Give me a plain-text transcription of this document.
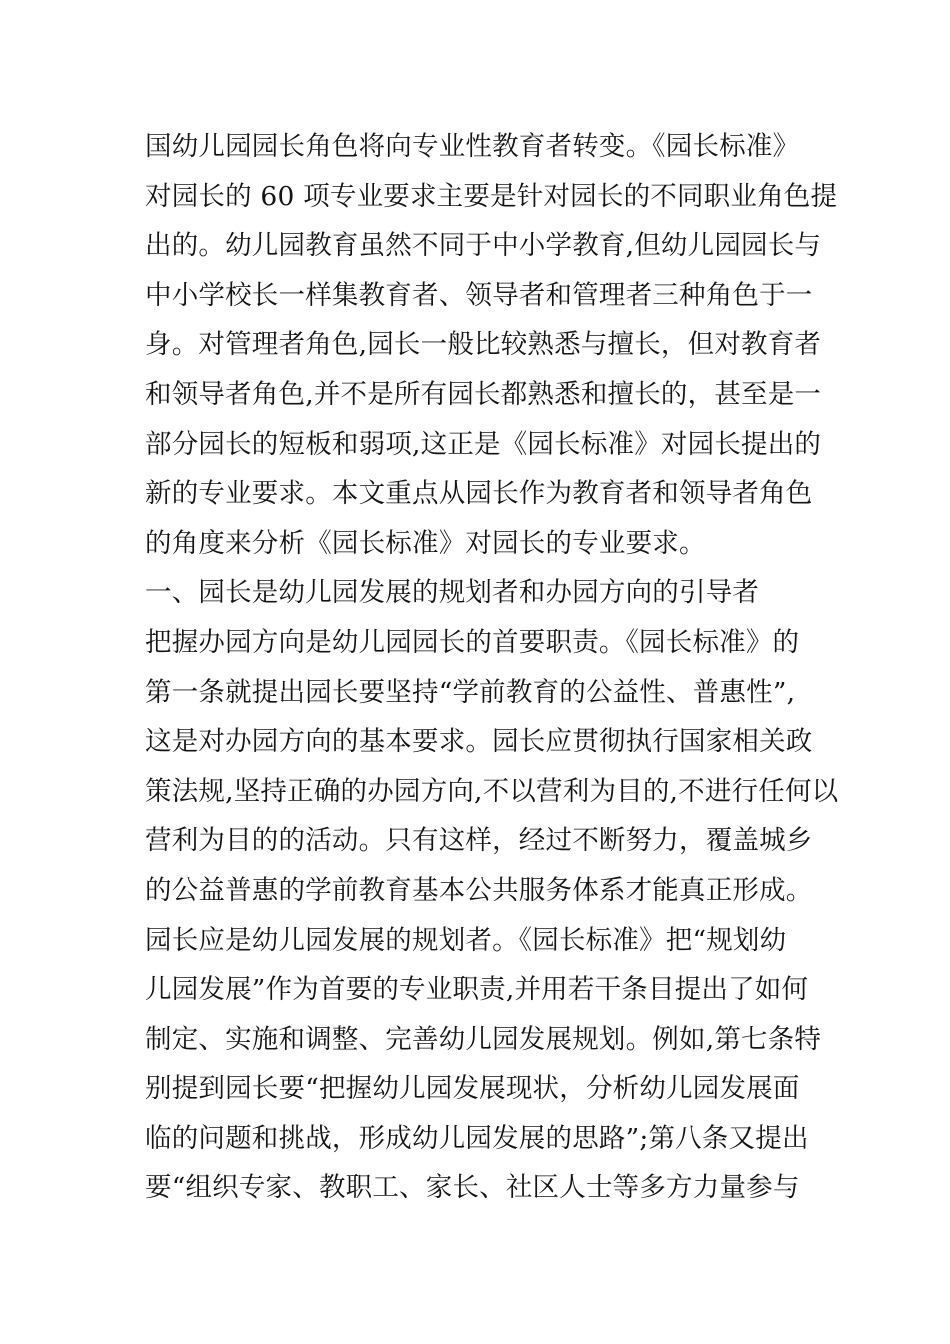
国幼儿园园长角色将向专业性教育者转变。《园长标准》
对园长的 60 项专业要求主要是针对园长的不同职业角色提
出的。幼儿园教育虽然不同于中小学教育,但幼儿园园长与
中小学校长一样集教育者、领导者和管理者三种角色于一
身。对管理者角色,园长一般比较熟悉与擅长，但对教育者
和领导者角色,并不是所有园长都熟悉和擅长的，甚至是一
部分园长的短板和弱项,这正是《园长标准》对园长提出的
新的专业要求。本文重点从园长作为教育者和领导者角色
的角度来分析《园长标准》对园长的专业要求。
一、园长是幼儿园发展的规划者和办园方向的引导者
把握办园方向是幼儿园园长的首要职责。《园长标准》的
第一条就提出园长要坚持“学前教育的公益性、普惠性”,
这是对办园方向的基本要求。园长应贯彻执行国家相关政
策法规,坚持正确的办园方向,不以营利为目的,不进行任何以
营利为目的的活动。只有这样，经过不断努力，覆盖城乡
的公益普惠的学前教育基本公共服务体系才能真正形成。
园长应是幼儿园发展的规划者。《园长标准》把“规划幼
儿园发展”作为首要的专业职责,并用若干条目提出了如何
制定、实施和调整、完善幼儿园发展规划。例如,第七条特
别提到园长要“把握幼儿园发展现状，分析幼儿园发展面
临的问题和挑战，形成幼儿园发展的思路”;第八条又提出
要“组织专家、教职工、家长、社区人士等多方力量参与
